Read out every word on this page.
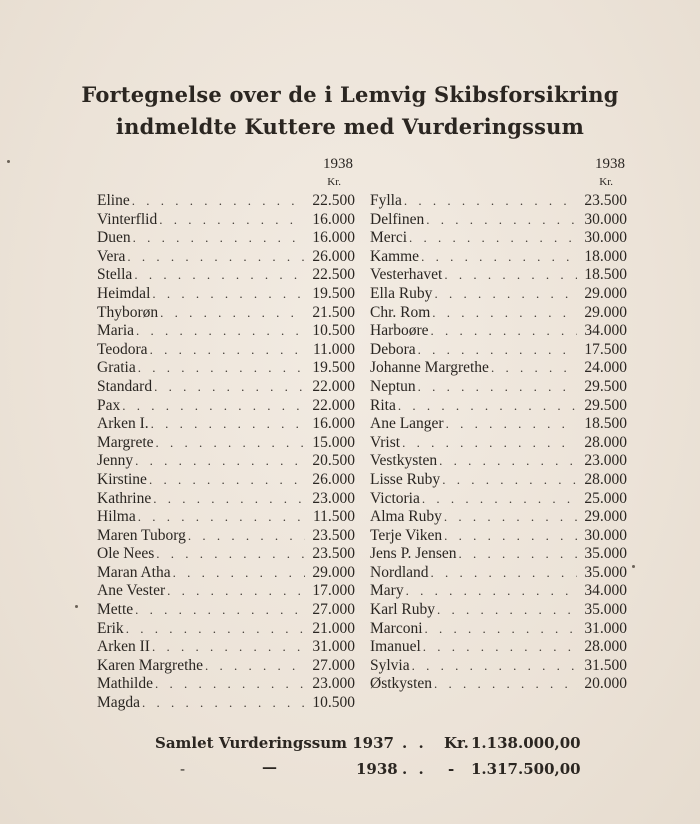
Fortegnelse over de i Lemvig Skibsforsikring
indmeldte Kuttere med Vurderingssum
1938
Kr.
Eline . . .	22.500
Vinterflid . . .	16.000
Duen . . .	16.000
Vera . . .	26.000
Stella . . .	22.500
Heimdal . . .	19.500
Thyborøn . . .	21.500
Maria . . .	10.500
Teodora . . .	11.000
Gratia . . .	19.500
Standard . . .	22.000
Pax . . .	22.000
Arken I. . . .	16.000
Margrete . . .	15.000
Jenny . . .	20.500
Kirstine . . .	26.000
Kathrine . . .	23.000
Hilma . . .	11.500
Maren Tuborg . . .	23.500
Ole Nees . . .	23.500
Maran Atha . . .	29.000
Ane Vester . . .	17.000
Mette . . .	27.000
Erik . . .	21.000
Arken II . . .	31.000
Karen Margrethe . . .	27.000
Mathilde . . .	23.000
Magda . . .	10.500
1938
Kr.
Fylla . . .	23.500
Delfinen . . .	30.000
Merci . . .	30.000
Kamme . . .	18.000
Vesterhavet . . .	18.500
Ella Ruby . . .	29.000
Chr. Rom . . .	29.000
Harboøre . . .	34.000
Debora . . .	17.500
Johanne Margrethe . . .	24.000
Neptun . . .	29.500
Rita . . .	29.500
Ane Langer . . .	18.500
Vrist . . .	28.000
Vestkysten . . .	23.000
Lisse Ruby . . .	28.000
Victoria . . .	25.000
Alma Ruby . . .	29.000
Terje Viken . . .	30.000
Jens P. Jensen . . .	35.000
Nordland . . .	35.000
Mary . . .	34.000
Karl Ruby . . .	35.000
Marconi . . .	31.000
Imanuel . . .	28.000
Sylvia . . .	31.500
Østkysten . . .	20.000
Samlet Vurderingssum 1937 . . Kr. 1.138.000,00
-	—	1938 . . - 1.317.500,00
